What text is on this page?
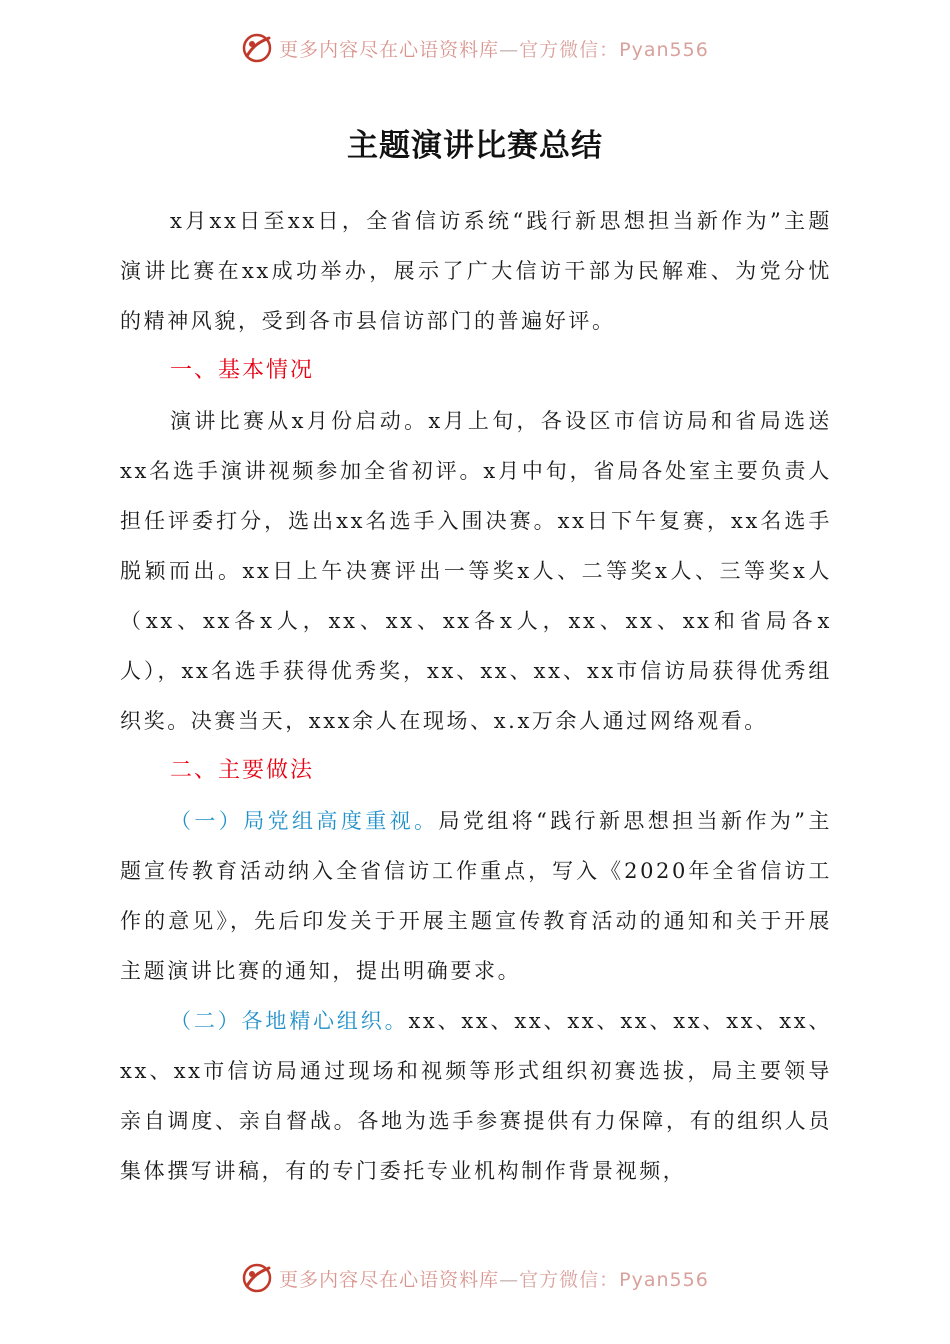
更多内容尽在心语资料库—官方微信：Pyan556
主题演讲比赛总结

x月xx日至xx日，全省信访系统“践行新思想担当新作为”主题演讲比赛在xx成功举办，展示了广大信访干部为民解难、为党分忧的精神风貌，受到各市县信访部门的普遍好评。

一、基本情况

演讲比赛从x月份启动。x月上旬，各设区市信访局和省局选送xx名选手演讲视频参加全省初评。x月中旬，省局各处室主要负责人担任评委打分，选出xx名选手入围决赛。xx日下午复赛，xx名选手脱颖而出。xx日上午决赛评出一等奖x人、二等奖x人、三等奖x人（xx、xx各x人，xx、xx、xx各x人，xx、xx、xx和省局各x人），xx名选手获得优秀奖，xx、xx、xx、xx市信访局获得优秀组织奖。决赛当天，xxx余人在现场、x.x万余人通过网络观看。

二、主要做法

（一）局党组高度重视。局党组将“践行新思想担当新作为”主题宣传教育活动纳入全省信访工作重点，写入《2020年全省信访工作的意见》，先后印发关于开展主题宣传教育活动的通知和关于开展主题演讲比赛的通知，提出明确要求。

（二）各地精心组织。xx、xx、xx、xx、xx、xx、xx、xx、xx、xx市信访局通过现场和视频等形式组织初赛选拔，局主要领导亲自调度、亲自督战。各地为选手参赛提供有力保障，有的组织人员集体撰写讲稿，有的专门委托专业机构制作背景视频，

更多内容尽在心语资料库—官方微信：Pyan556
